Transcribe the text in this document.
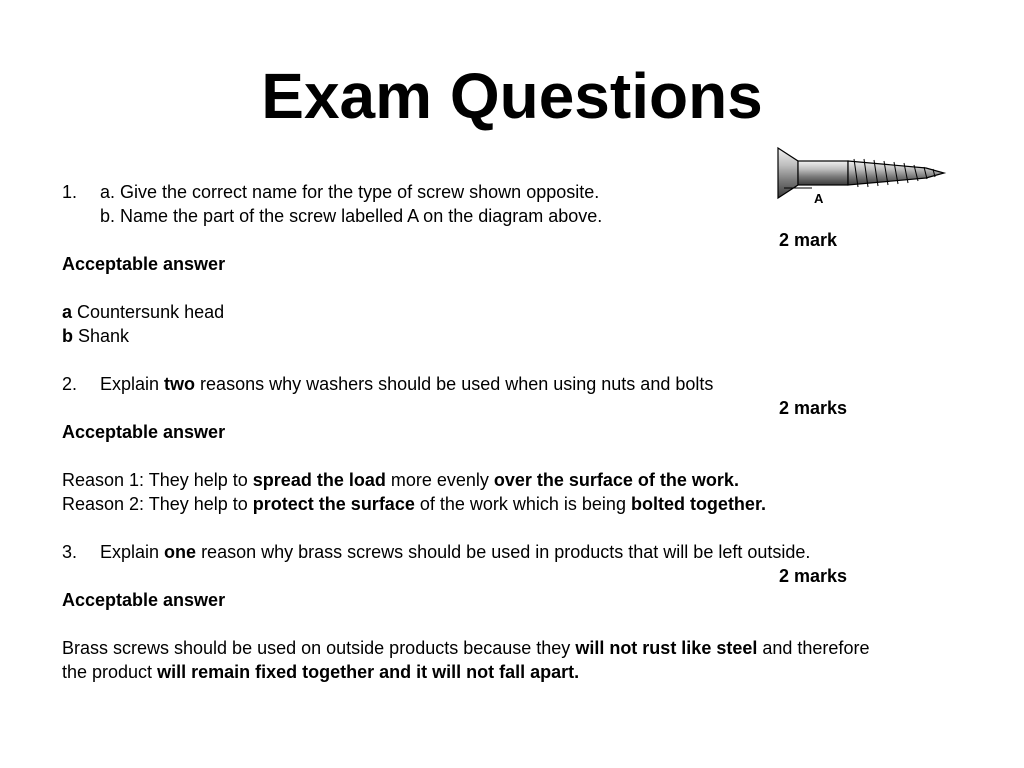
Exam Questions
A
1. a. Give the correct name for the type of screw shown opposite.
b. Name the part of the screw labelled A on the diagram above.
2 mark
Acceptable answer
a Countersunk head
b Shank
2. Explain two reasons why washers should be used when using nuts and bolts
2 marks
Acceptable answer
Reason 1: They help to spread the load more evenly over the surface of the work.
Reason 2: They help to protect the surface of the work which is being bolted together.
3. Explain one reason why brass screws should be used in products that will be left outside.
2 marks
Acceptable answer
Brass screws should be used on outside products because they will not rust like steel and therefore
the product will remain fixed together and it will not fall apart.
